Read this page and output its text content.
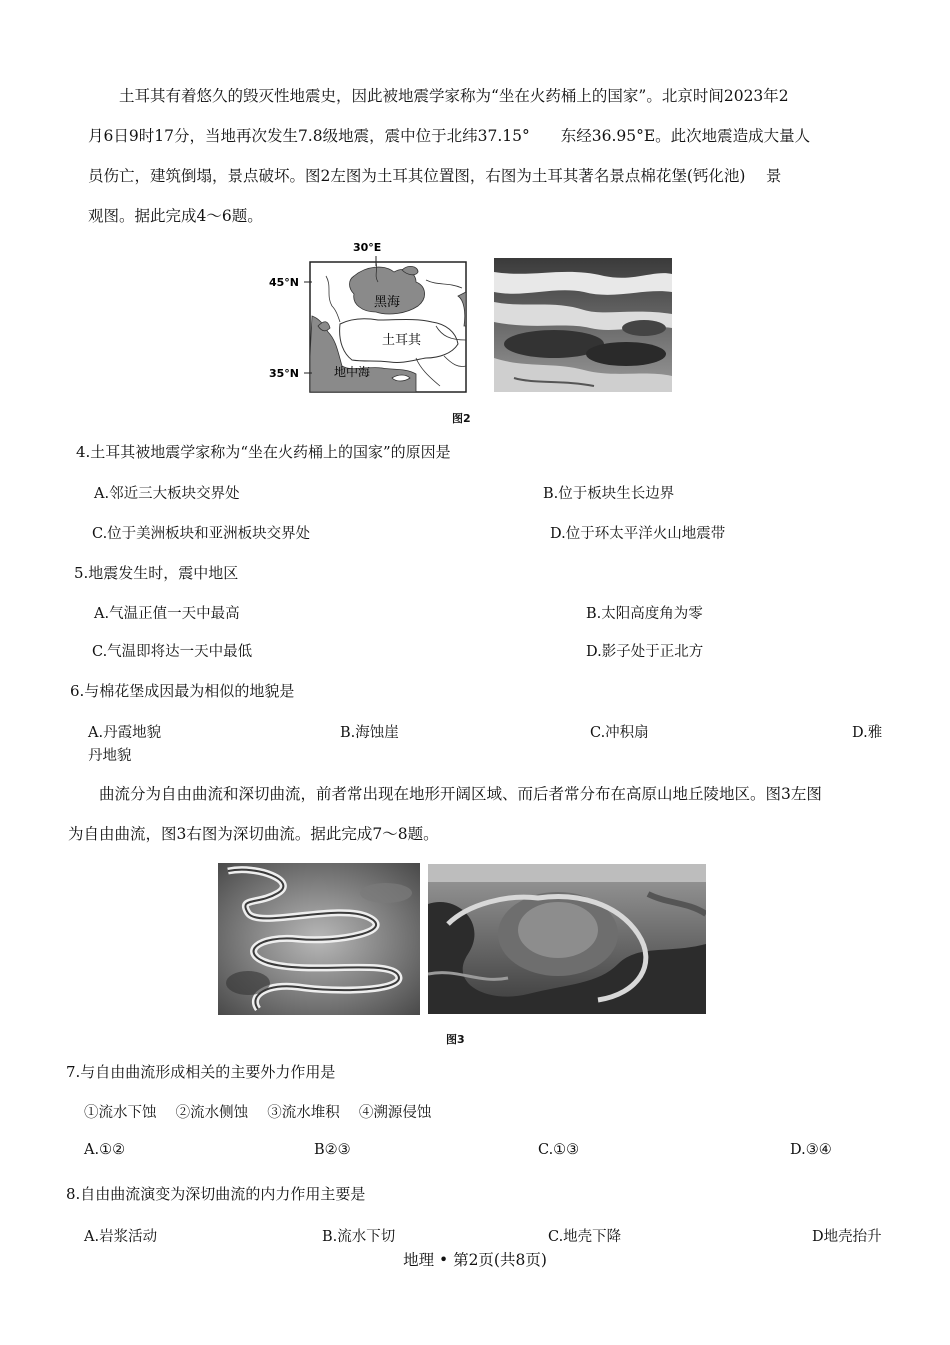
土耳其有着悠久的毁灭性地震史，因此被地震学家称为“坐在火药桶上的国家”。北京时间2023年2

月6日9时17分，当地再次发生7.8级地震，震中位于北纬37.15°　　东经36.95°E。此次地震造成大量人

员伤亡，建筑倒塌，景点破坏。图2左图为土耳其位置图，右图为土耳其著名景点棉花堡(钙化池)　 景

观图。据此完成4～6题。

30°E
45°N
35°N
黑海
土耳其
地中海
图2
4.土耳其被地震学家称为“坐在火药桶上的国家”的原因是
A.邻近三大板块交界处	B.位于板块生长边界
C.位于美洲板块和亚洲板块交界处	D.位于环太平洋火山地震带
5.地震发生时，震中地区
A.气温正值一天中最高	B.太阳高度角为零
C.气温即将达一天中最低	D.影子处于正北方
6.与棉花堡成因最为相似的地貌是
A.丹霞地貌	B.海蚀崖	C.冲积扇	D.雅
丹地貌

曲流分为自由曲流和深切曲流，前者常出现在地形开阔区域、而后者常分布在高原山地丘陵地区。图3左图

为自由曲流，图3右图为深切曲流。据此完成7～8题。

图3
7.与自由曲流形成相关的主要外力作用是
①流水下蚀　 ②流水侧蚀　 ③流水堆积　 ④溯源侵蚀
A.①②	B②③	C.①③	D.③④
8.自由曲流演变为深切曲流的内力作用主要是
A.岩浆活动	B.流水下切	C.地壳下降	D地壳抬升
地理 • 第2页(共8页)
